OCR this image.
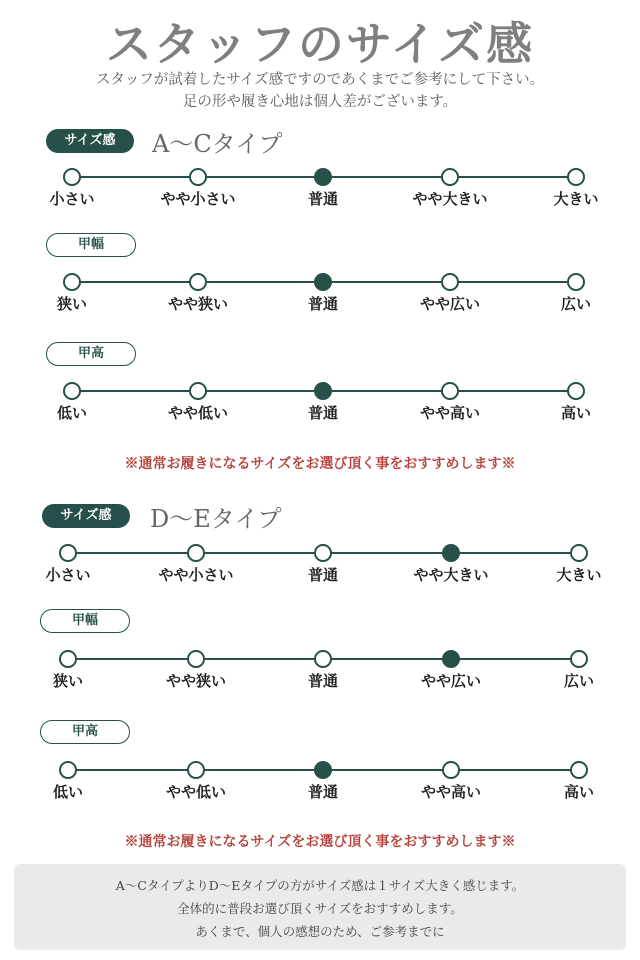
スタッフのサイズ感
スタッフが試着したサイズ感ですのであくまでご参考にして下さい。
足の形や履き心地は個人差がございます。
サイズ感	A〜Cタイプ
小さい	やや小さい	普通	やや大きい	大きい
甲幅
狭い	やや狭い	普通	やや広い	広い
甲高
低い	やや低い	普通	やや高い	高い
※通常お履きになるサイズをお選び頂く事をおすすめします※
サイズ感	D〜Eタイプ
小さい	やや小さい	普通	やや大きい	大きい
甲幅
狭い	やや狭い	普通	やや広い	広い
甲高
低い	やや低い	普通	やや高い	高い
※通常お履きになるサイズをお選び頂く事をおすすめします※
A〜CタイプよりD〜Eタイプの方がサイズ感は１サイズ大きく感じます。
全体的に普段お選び頂くサイズをおすすめします。
あくまで、個人の感想のため、ご参考までに
